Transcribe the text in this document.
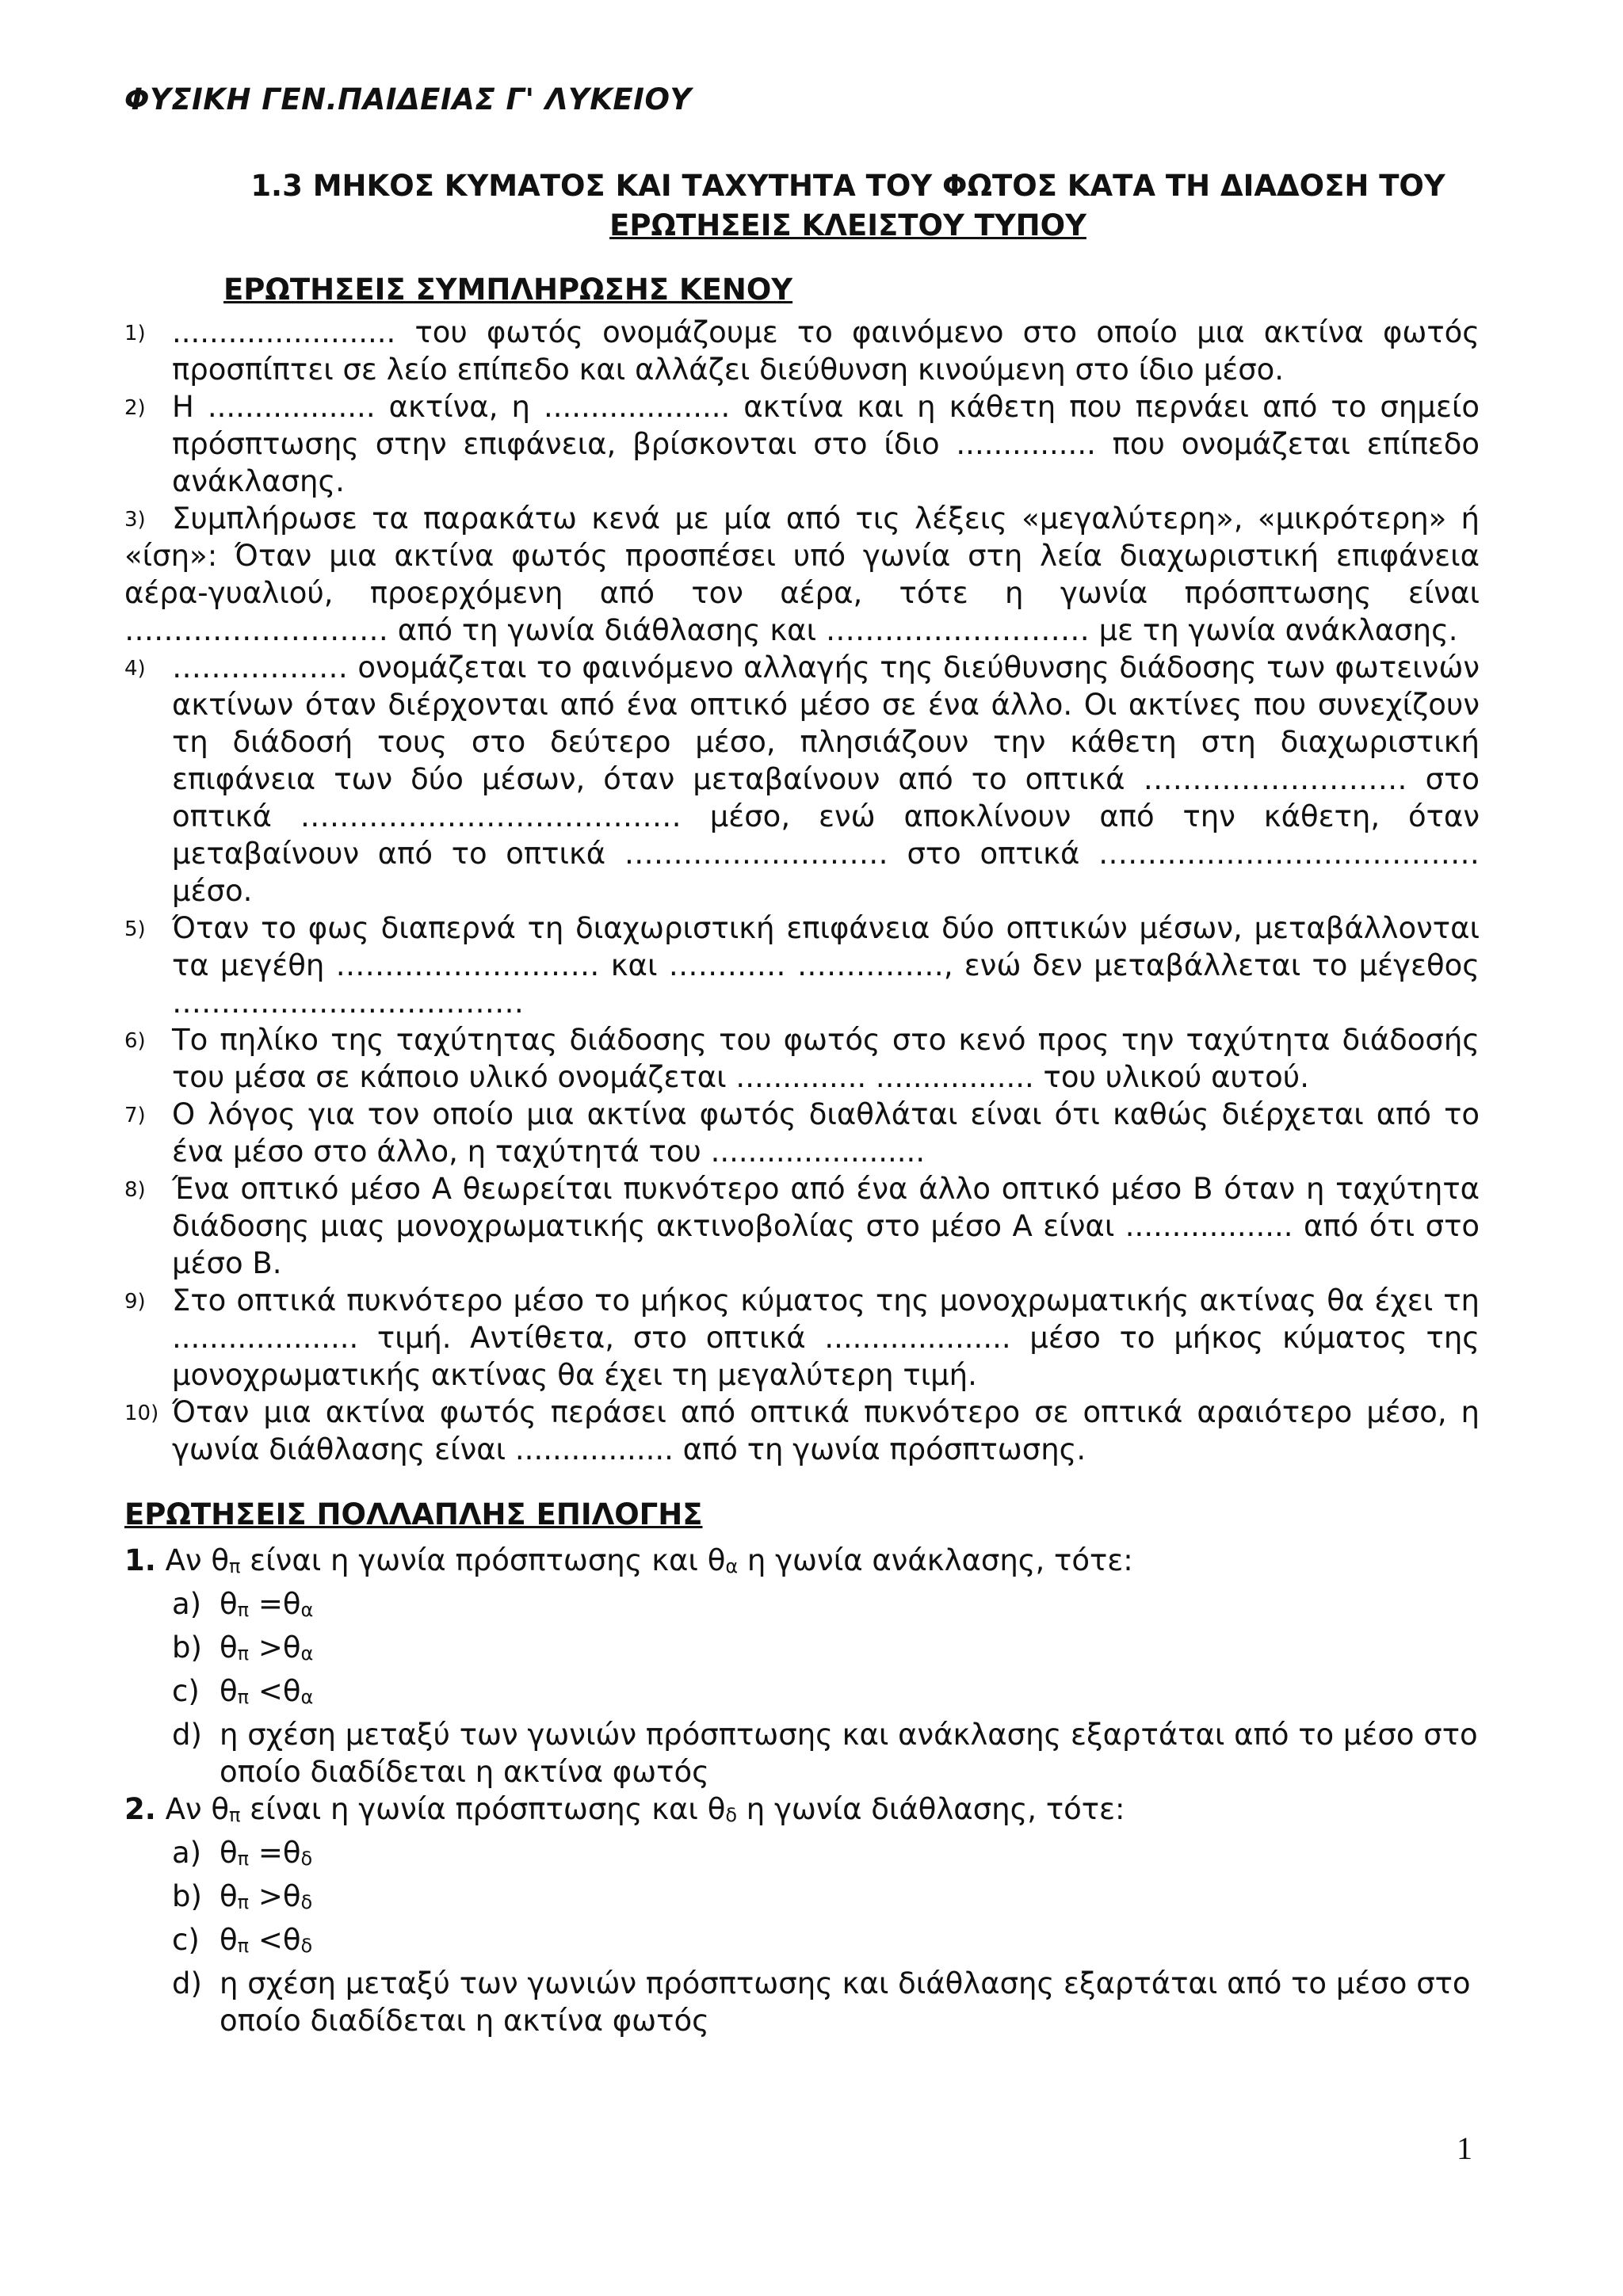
ΦΥΣΙΚΗ ΓΕΝ.ΠΑΙΔΕΙΑΣ Γ' ΛΥΚΕΙΟΥ
1.3 ΜΗΚΟΣ ΚΥΜΑΤΟΣ ΚΑΙ ΤΑΧΥΤΗΤΑ ΤΟΥ ΦΩΤΟΣ ΚΑΤΑ ΤΗ ΔΙΑΔΟΣΗ ΤΟΥ
ΕΡΩΤΗΣΕΙΣ ΚΛΕΙΣΤΟΥ ΤΥΠΟΥ
ΕΡΩΤΗΣΕΙΣ ΣΥΜΠΛΗΡΩΣΗΣ ΚΕΝΟΥ
1) ........................ του φωτός ονομάζουμε το φαινόμενο στο οποίο μια ακτίνα φωτός προσπίπτει σε λείο επίπεδο και αλλάζει διεύθυνση κινούμενη στο ίδιο μέσο.
2) Η .................. ακτίνα, η .................... ακτίνα και η κάθετη που περνάει από το σημείο πρόσπτωσης στην επιφάνεια, βρίσκονται στο ίδιο ............... που ονομάζεται επίπεδο ανάκλασης.
3) Συμπλήρωσε τα παρακάτω κενά με μία από τις λέξεις «μεγαλύτερη», «μικρότερη» ή «ίση»: Όταν μια ακτίνα φωτός προσπέσει υπό γωνία στη λεία διαχωριστική επιφάνεια αέρα-γυαλιού, προερχόμενη από τον αέρα, τότε η γωνία πρόσπτωσης είναι ……………………… από τη γωνία διάθλασης και ……………………… με τη γωνία ανάκλασης.
4) ……………… ονομάζεται το φαινόμενο αλλαγής της διεύθυνσης διάδοσης των φωτεινών ακτίνων όταν διέρχονται από ένα οπτικό μέσο σε ένα άλλο. Οι ακτίνες που συνεχίζουν τη διάδοσή τους στο δεύτερο μέσο, πλησιάζουν την κάθετη στη διαχωριστική επιφάνεια των δύο μέσων, όταν μεταβαίνουν από το οπτικά ……………………… στο οπτικά ………………………………… μέσο, ενώ αποκλίνουν από την κάθετη, όταν μεταβαίνουν από το οπτικά ……………………… στο οπτικά ………………………………… μέσο.
5) Όταν το φως διαπερνά τη διαχωριστική επιφάνεια δύο οπτικών μέσων, μεταβάλλονται τα μεγέθη ……………………… και ………… ……………, ενώ δεν μεταβάλλεται το μέγεθος ………………………………
6) Το πηλίκο της ταχύτητας διάδοσης του φωτός στο κενό προς την ταχύτητα διάδοσής του μέσα σε κάποιο υλικό ονομάζεται .............. ................. του υλικού αυτού.
7) Ο λόγος για τον οποίο μια ακτίνα φωτός διαθλάται είναι ότι καθώς διέρχεται από το ένα μέσο στο άλλο, η ταχύτητά του .......................
8) Ένα οπτικό μέσο Α θεωρείται πυκνότερο από ένα άλλο οπτικό μέσο Β όταν η ταχύτητα διάδοσης μιας μονοχρωματικής ακτινοβολίας στο μέσο Α είναι .................. από ότι στο μέσο Β.
9) Στο οπτικά πυκνότερο μέσο το μήκος κύματος της μονοχρωματικής ακτίνας θα έχει τη .................... τιμή. Αντίθετα, στο οπτικά .................... μέσο το μήκος κύματος της μονοχρωματικής ακτίνας θα έχει τη μεγαλύτερη τιμή.
10) Όταν μια ακτίνα φωτός περάσει από οπτικά πυκνότερο σε οπτικά αραιότερο μέσο, η γωνία διάθλασης είναι ................. από τη γωνία πρόσπτωσης.
ΕΡΩΤΗΣΕΙΣ ΠΟΛΛΑΠΛΗΣ ΕΠΙΛΟΓΗΣ
1. Αν θπ είναι η γωνία πρόσπτωσης και θα η γωνία ανάκλασης, τότε:
a) θπ =θα
b) θπ >θα
c) θπ <θα
d) η σχέση μεταξύ των γωνιών πρόσπτωσης και ανάκλασης εξαρτάται από το μέσο στο οποίο διαδίδεται η ακτίνα φωτός
2. Αν θπ είναι η γωνία πρόσπτωσης και θδ η γωνία διάθλασης, τότε:
a) θπ =θδ
b) θπ >θδ
c) θπ <θδ
d) η σχέση μεταξύ των γωνιών πρόσπτωσης και διάθλασης εξαρτάται από το μέσο στο οποίο διαδίδεται η ακτίνα φωτός
1
